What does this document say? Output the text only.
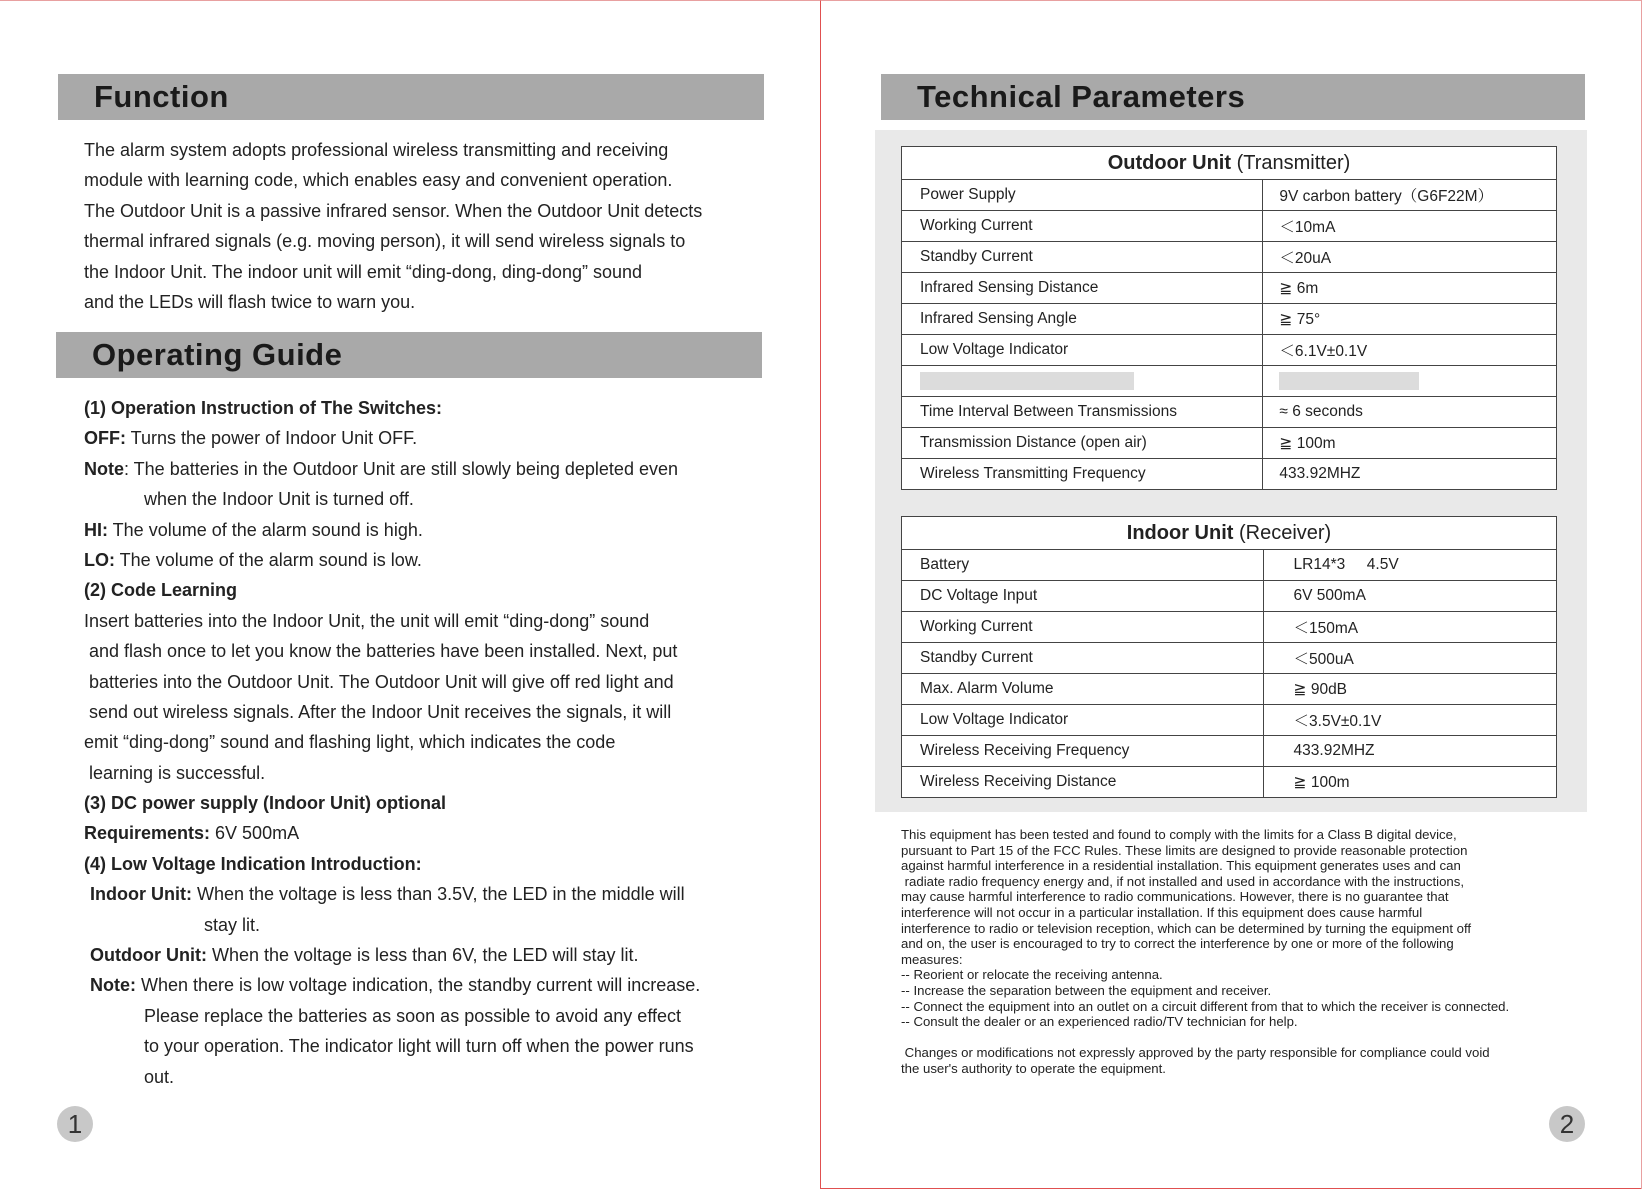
Function

The alarm system adopts professional wireless transmitting and receiving

module with learning code, which enables easy and convenient operation.

The Outdoor Unit is a passive infrared sensor. When the Outdoor Unit detects

thermal infrared signals (e.g. moving person), it will send wireless signals to

the Indoor Unit. The indoor unit will emit “ding-dong, ding-dong” sound

and the LEDs will flash twice to warn you.

Operating Guide
(1) Operation Instruction of The Switches:
OFF: Turns the power of Indoor Unit OFF.
Note: The batteries in the Outdoor Unit are still slowly being depleted even
when the Indoor Unit is turned off.
HI: The volume of the alarm sound is high.
LO: The volume of the alarm sound is low.
(2) Code Learning
Insert batteries into the Indoor Unit, the unit will emit “ding-dong” sound
and flash once to let you know the batteries have been installed. Next, put
batteries into the Outdoor Unit. The Outdoor Unit will give off red light and
send out wireless signals. After the Indoor Unit receives the signals, it will
emit “ding-dong” sound and flashing light, which indicates the code
learning is successful.
(3) DC power supply (Indoor Unit) optional
Requirements: 6V 500mA
(4) Low Voltage Indication Introduction:
Indoor Unit: When the voltage is less than 3.5V, the LED in the middle will
stay lit.
Outdoor Unit: When the voltage is less than 6V, the LED will stay lit.
Note: When there is low voltage indication, the standby current will increase.
Please replace the batteries as soon as possible to avoid any effect
to your operation. The indicator light will turn off when the power runs
out.
1
Technical Parameters
Outdoor Unit (Transmitter)	
Power Supply	9V carbon battery（G6F22M）
Working Current	＜10mA
Standby Current	＜20uA
Infrared Sensing Distance	≧ 6m
Infrared Sensing Angle	≧ 75°
Low Voltage Indicator	＜6.1V±0.1V

Time Interval Between Transmissions	≈ 6 seconds
Transmission Distance (open air)	≧ 100m
Wireless Transmitting Frequency	433.92MHZ
Indoor Unit (Receiver)	
Battery	LR14*3     4.5V
DC Voltage Input	6V 500mA
Working Current	＜150mA
Standby Current	＜500uA
Max. Alarm Volume	≧ 90dB
Low Voltage Indicator	＜3.5V±0.1V
Wireless Receiving Frequency	433.92MHZ
Wireless Receiving Distance	≧ 100m

This equipment has been tested and found to comply with the limits for a Class B digital device,

pursuant to Part 15 of the FCC Rules. These limits are designed to provide reasonable protection

against harmful interference in a residential installation. This equipment generates uses and can

radiate radio frequency energy and, if not installed and used in accordance with the instructions,

may cause harmful interference to radio communications. However, there is no guarantee that

interference will not occur in a particular installation. If this equipment does cause harmful

interference to radio or television reception, which can be determined by turning the equipment off

and on, the user is encouraged to try to correct the interference by one or more of the following

measures:

-- Reorient or relocate the receiving antenna.

-- Increase the separation between the equipment and receiver.

-- Connect the equipment into an outlet on a circuit different from that to which the receiver is connected.

-- Consult the dealer or an experienced radio/TV technician for help.

Changes or modifications not expressly approved by the party responsible for compliance could void

the user's authority to operate the equipment.

2
